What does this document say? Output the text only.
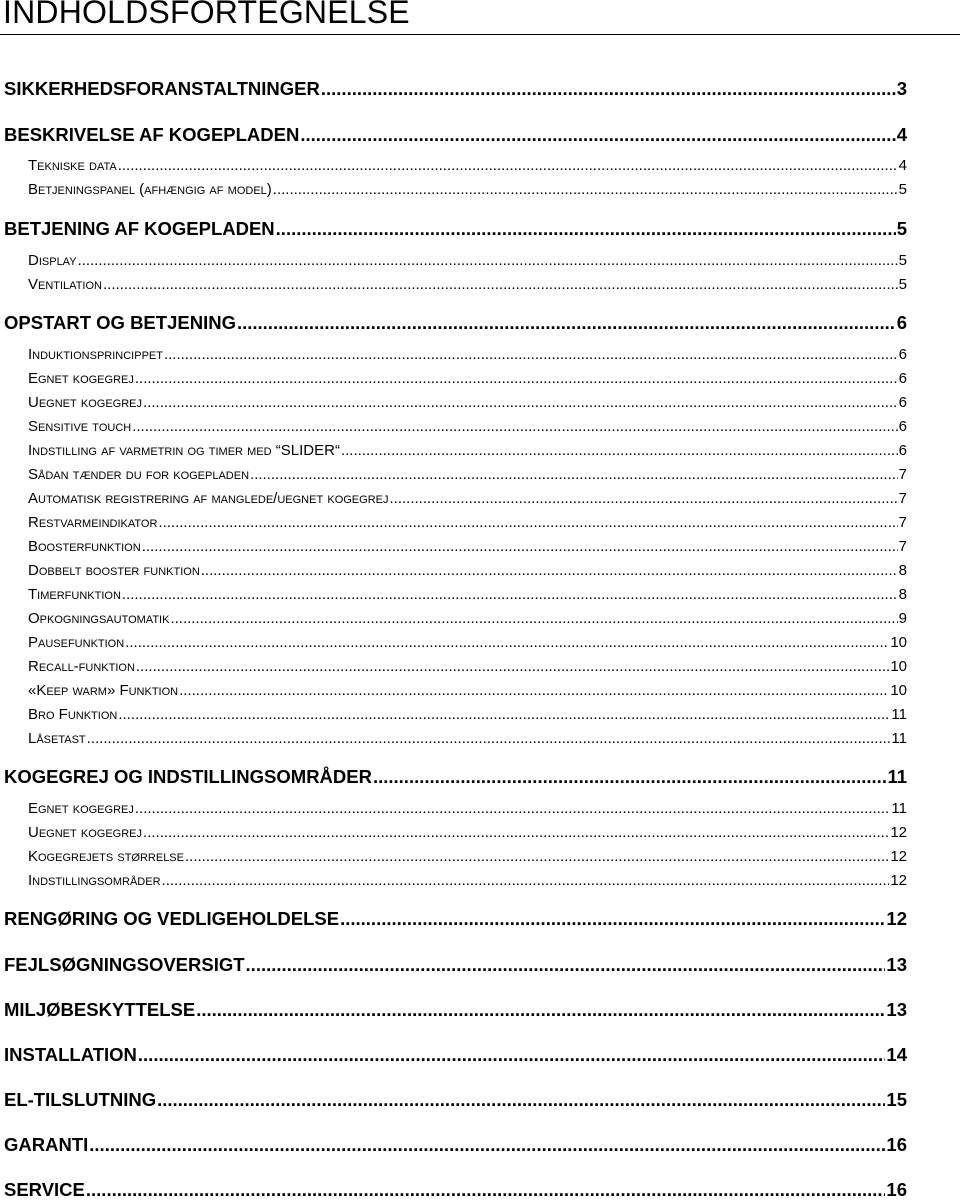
INDHOLDSFORTEGNELSE
SIKKERHEDSFORANSTALTNINGER .....	3
BESKRIVELSE AF KOGEPLADEN .....	4
Tekniske data .....	4
Betjeningspanel (afhængig af model) .....	5
BETJENING AF KOGEPLADEN .....	5
Display .....	5
Ventilation .....	5
OPSTART OG BETJENING .....	6
Induktionsprincippet .....	6
Egnet kogegrej .....	6
Uegnet kogegrej .....	6
Sensitive touch .....	6
Indstilling af varmetrin og timer med “SLIDER“ .....	6
Sådan tænder du for kogepladen .....	7
Automatisk registrering af manglede/uegnet kogegrej .....	7
Restvarmeindikator .....	7
Boosterfunktion .....	7
Dobbelt booster funktion .....	8
Timerfunktion .....	8
Opkogningsautomatik .....	9
Pausefunktion .....	10
Recall-funktion .....	10
«Keep warm» Funktion .....	10
Bro Funktion .....	11
Låsetast .....	11
KOGEGREJ OG INDSTILLINGSOMRÅDER .....	11
Egnet kogegrej .....	11
Uegnet kogegrej .....	12
Kogegrejets størrelse .....	12
Indstillingsområder .....	12
RENGØRING OG VEDLIGEHOLDELSE .....	12
FEJLSØGNINGSOVERSIGT .....	13
MILJØBESKYTTELSE .....	13
INSTALLATION .....	14
EL-TILSLUTNING .....	15
GARANTI .....	16
SERVICE .....	16
